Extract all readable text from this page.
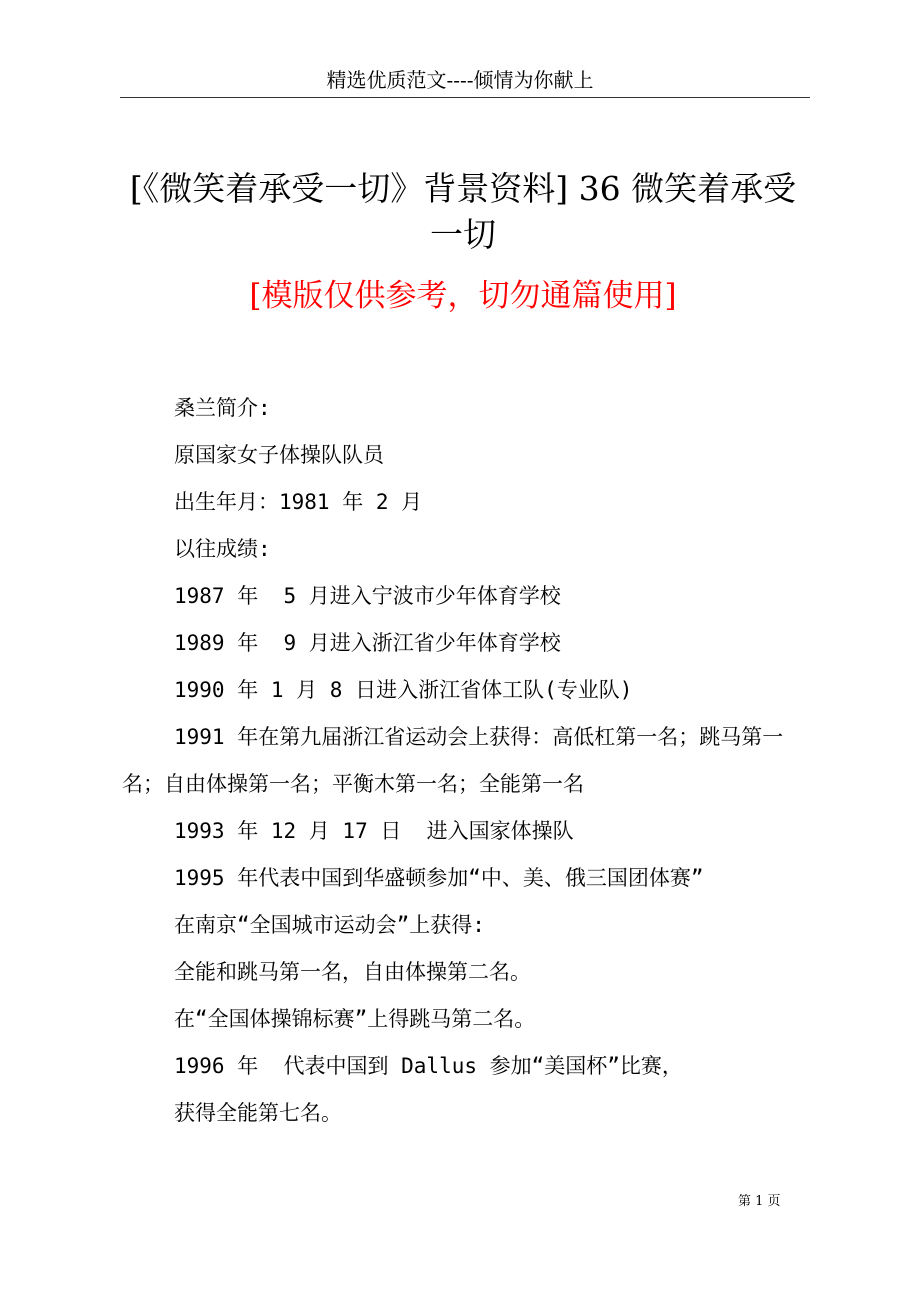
精选优质范文----倾情为你献上
[《微笑着承受一切》背景资料] 36 微笑着承受一切
[模版仅供参考，切勿通篇使用]

桑兰简介:

原国家女子体操队队员

出生年月：1981 年 2 月

以往成绩:

1987 年  5 月进入宁波市少年体育学校

1989 年  9 月进入浙江省少年体育学校

1990 年 1 月 8 日进入浙江省体工队(专业队)

1991 年在第九届浙江省运动会上获得：高低杠第一名；跳马第一名；自由体操第一名；平衡木第一名；全能第一名

1993 年 12 月 17 日  进入国家体操队

1995 年代表中国到华盛顿参加“中、美、俄三国团体赛”

在南京“全国城市运动会”上获得:

全能和跳马第一名，自由体操第二名。

在“全国体操锦标赛”上得跳马第二名。

1996 年  代表中国到 Dallus 参加“美国杯”比赛，

获得全能第七名。

第 1 页
